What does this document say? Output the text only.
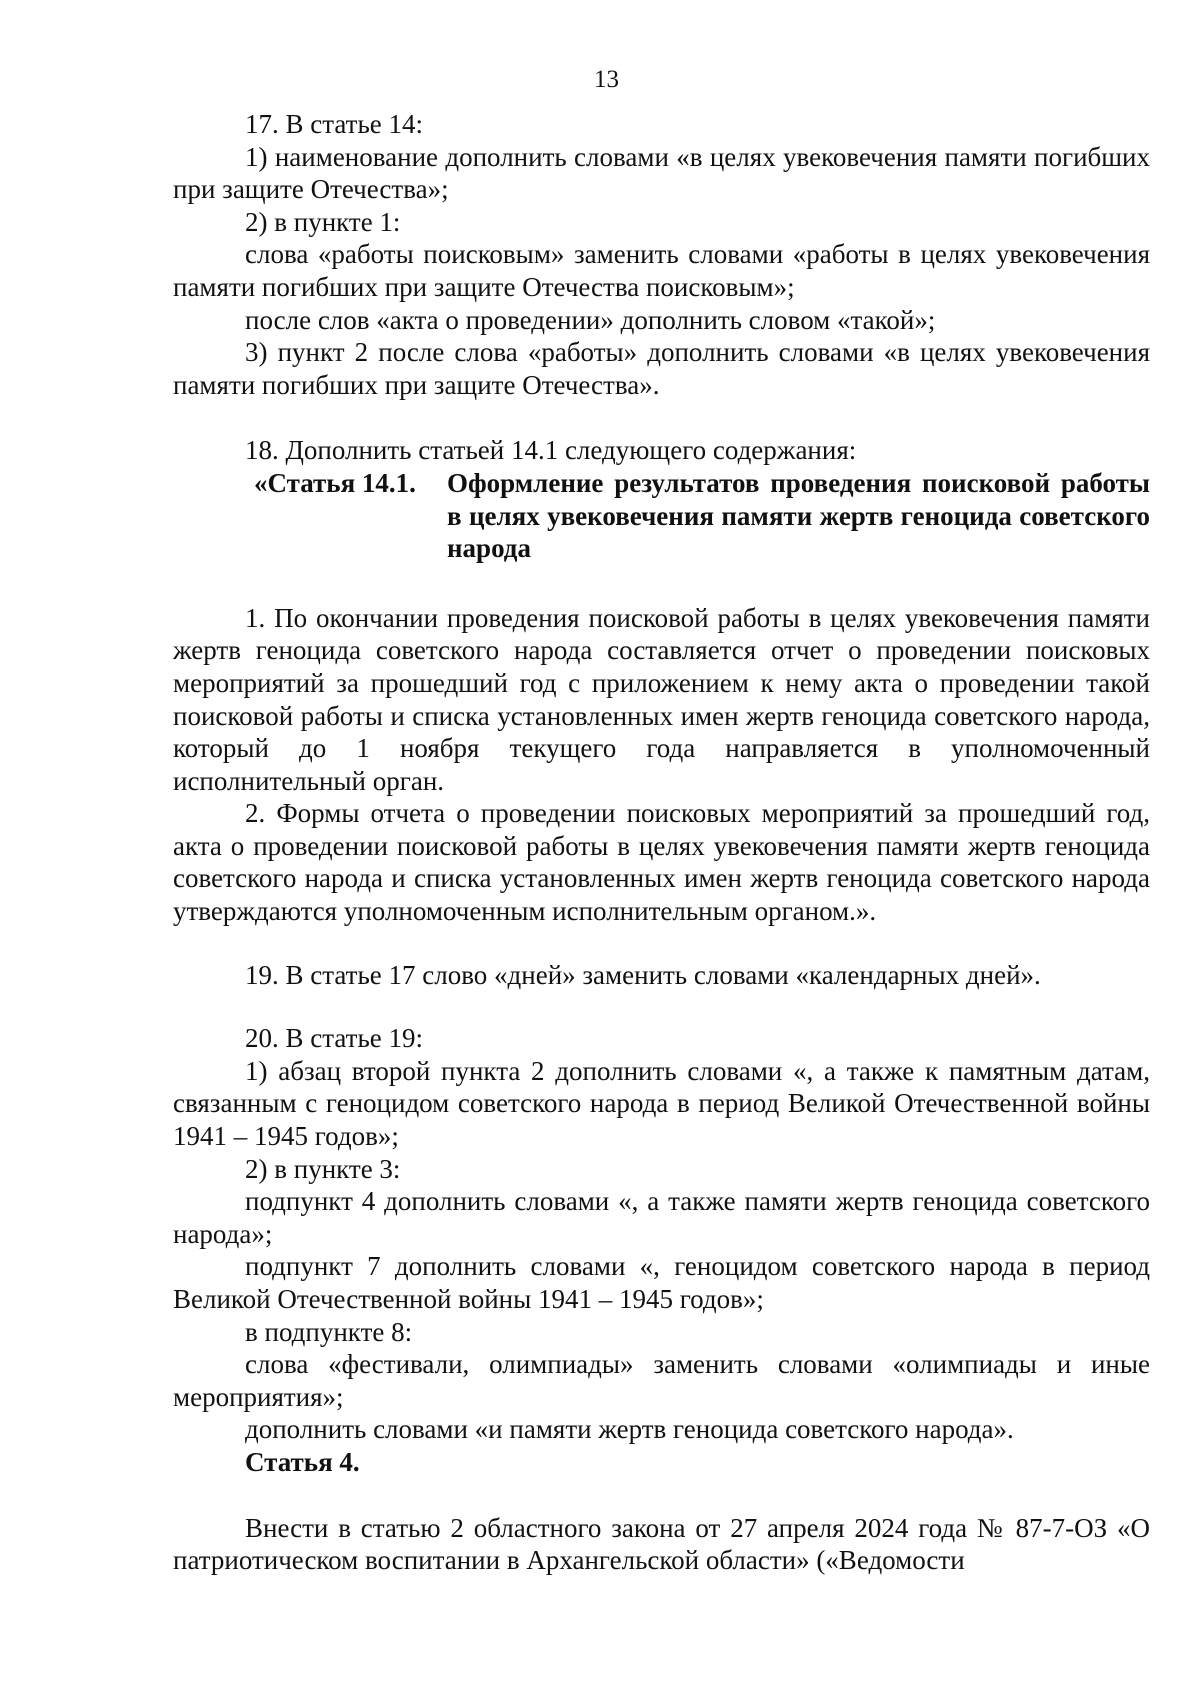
13

17. В статье 14:

1) наименование дополнить словами «в целях увековечения памяти погибших при защите Отечества»;

2) в пункте 1:

слова «работы поисковым» заменить словами «работы в целях увековечения памяти погибших при защите Отечества поисковым»;

после слов «акта о проведении» дополнить словом «такой»;

3) пункт 2 после слова «работы» дополнить словами «в целях увековечения памяти погибших при защите Отечества».

18. Дополнить статьей 14.1 следующего содержания:

«Статья 14.1.	Оформление результатов проведения поисковой работы в целях увековечения памяти жертв геноцида советского народа

1. По окончании проведения поисковой работы в целях увековечения памяти жертв геноцида советского народа составляется отчет о проведении поисковых мероприятий за прошедший год с приложением к нему акта о проведении такой поисковой работы и списка установленных имен жертв геноцида советского народа, который до 1 ноября текущего года направляется в уполномоченный исполнительный орган.

2. Формы отчета о проведении поисковых мероприятий за прошедший год, акта о проведении поисковой работы в целях увековечения памяти жертв геноцида советского народа и списка установленных имен жертв геноцида советского народа утверждаются уполномоченным исполнительным органом.».

19. В статье 17 слово «дней» заменить словами «календарных дней».

20. В статье 19:

1) абзац второй пункта 2 дополнить словами «, а также к памятным датам, связанным с геноцидом советского народа в период Великой Отечественной войны 1941 – 1945 годов»;

2) в пункте 3:

подпункт 4 дополнить словами «, а также памяти жертв геноцида советского народа»;

подпункт 7 дополнить словами «, геноцидом советского народа в период Великой Отечественной войны 1941 – 1945 годов»;

в подпункте 8:

слова «фестивали, олимпиады» заменить словами «олимпиады и иные мероприятия»;

дополнить словами «и памяти жертв геноцида советского народа».

Статья 4.

Внести в статью 2 областного закона от 27 апреля 2024 года № 87-7-ОЗ «О патриотическом воспитании в Архангельской области» («Ведомости
